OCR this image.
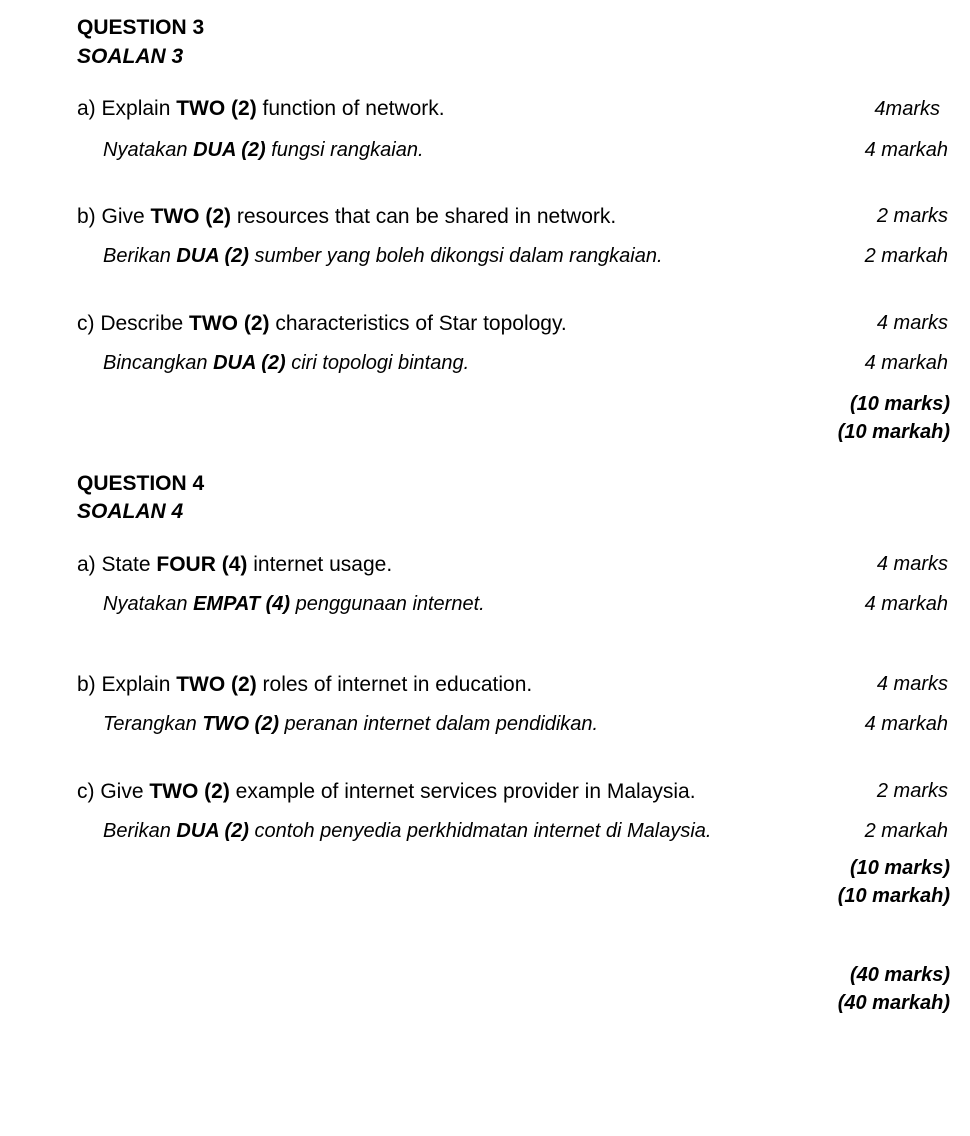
QUESTION 3
SOALAN 3
a) Explain TWO (2) function of network.	4marks
Nyatakan DUA (2) fungsi rangkaian.	4 markah
b) Give TWO (2) resources that can be shared in network.	2 marks
Berikan DUA (2) sumber yang boleh dikongsi dalam rangkaian.	2 markah
c) Describe TWO (2) characteristics of Star topology.	4 marks
Bincangkan DUA (2) ciri topologi bintang.	4 markah
(10 marks)
(10 markah)
QUESTION 4
SOALAN 4
a) State FOUR (4) internet usage.	4 marks
Nyatakan EMPAT (4) penggunaan internet.	4 markah
b) Explain TWO (2) roles of internet in education.	4 marks
Terangkan TWO (2) peranan internet dalam pendidikan.	4 markah
c) Give TWO (2) example of internet services provider in Malaysia.	2 marks
Berikan DUA (2) contoh penyedia perkhidmatan internet di Malaysia.	2 markah
(10 marks)
(10 markah)
(40 marks)
(40 markah)
